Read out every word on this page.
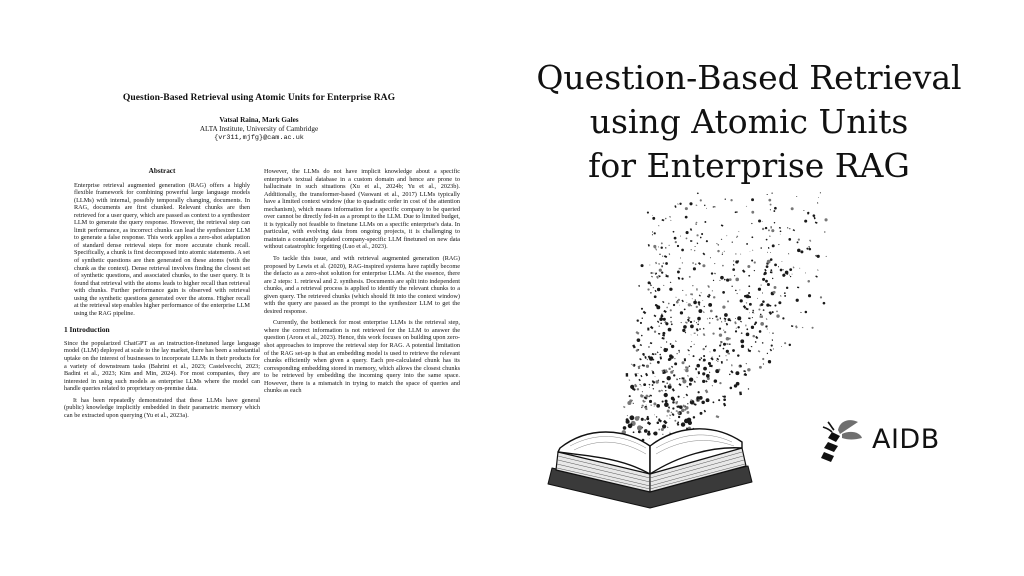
Question-Based Retrieval using Atomic Units for Enterprise RAG
Vatsal Raina, Mark Gales
ALTA Institute, University of Cambridge
{vr311,mjfg}@cam.ac.uk
Abstract

Enterprise retrieval augmented generation (RAG) offers a highly flexible framework for combining powerful large language models (LLMs) with internal, possibly temporally changing, documents. In RAG, documents are first chunked. Relevant chunks are then retrieved for a user query, which are passed as context to a synthesizer LLM to generate the query response. However, the retrieval step can limit performance, as incorrect chunks can lead the synthesizer LLM to generate a false response. This work applies a zero-shot adaptation of standard dense retrieval steps for more accurate chunk recall. Specifically, a chunk is first decomposed into atomic statements. A set of synthetic questions are then generated on these atoms (with the chunk as the context). Dense retrieval involves finding the closest set of synthetic questions, and associated chunks, to the user query. It is found that retrieval with the atoms leads to higher recall than retrieval with chunks. Further performance gain is observed with retrieval using the synthetic questions generated over the atoms. Higher recall at the retrieval step enables higher performance of the enterprise LLM using the RAG pipeline.

1 Introduction

Since the popularized ChatGPT as an instruction-finetuned large language model (LLM) deployed at scale to the lay market, there has been a substantial uptake on the interest of businesses to incorporate LLMs in their products for a variety of downstream tasks (Bahrini et al., 2023; Castelvecchi, 2023; Badini et al., 2023; Kim and Min, 2024). For most companies, they are interested in using such models as enterprise LLMs where the model can handle queries related to proprietary on-premise data.

It has been repeatedly demonstrated that these LLMs have general (public) knowledge implicitly embedded in their parametric memory which can be extracted upon querying (Yu et al., 2023a).

However, the LLMs do not have implicit knowledge about a specific enterprise's textual database in a custom domain and hence are prone to hallucinate in such situations (Xu et al., 2024b; Yu et al., 2023b). Additionally, the transformer-based (Vaswani et al., 2017) LLMs typically have a limited context window (due to quadratic order in cost of the attention mechanism), which means information for a specific company to be queried over cannot be directly fed-in as a prompt to the LLM. Due to limited budget, it is typically not feasible to finetune LLMs on a specific enterprise's data. In particular, with evolving data from ongoing projects, it is challenging to maintain a constantly updated company-specific LLM finetuned on new data without catastrophic forgetting (Luo et al., 2023).

To tackle this issue, and with retrieval augmented generation (RAG) proposed by Lewis et al. (2020), RAG-inspired systems have rapidly become the defacto as a zero-shot solution for enterprise LLMs. At the essence, there are 2 steps: 1. retrieval and 2. synthesis. Documents are split into independent chunks, and a retrieval process is applied to identify the relevant chunks to a given query. The retrieved chunks (which should fit into the context window) with the query are passed as the prompt to the synthesizer LLM to get the desired response.

Currently, the bottleneck for most enterprise LLMs is the retrieval step, where the correct information is not retrieved for the LLM to answer the question (Arora et al., 2023). Hence, this work focuses on building upon zero-shot approaches to improve the retrieval step for RAG. A potential limitation of the RAG set-up is that an embedding model is used to retrieve the relevant chunks efficiently when given a query. Each pre-calculated chunk has its corresponding embedding stored in memory, which allows the closest chunks to be retrieved by embedding the incoming query into the same space. However, there is a mismatch in trying to match the space of queries and chunks as each

Question-Based Retrieval
using Atomic Units
for Enterprise RAG
AIDB
